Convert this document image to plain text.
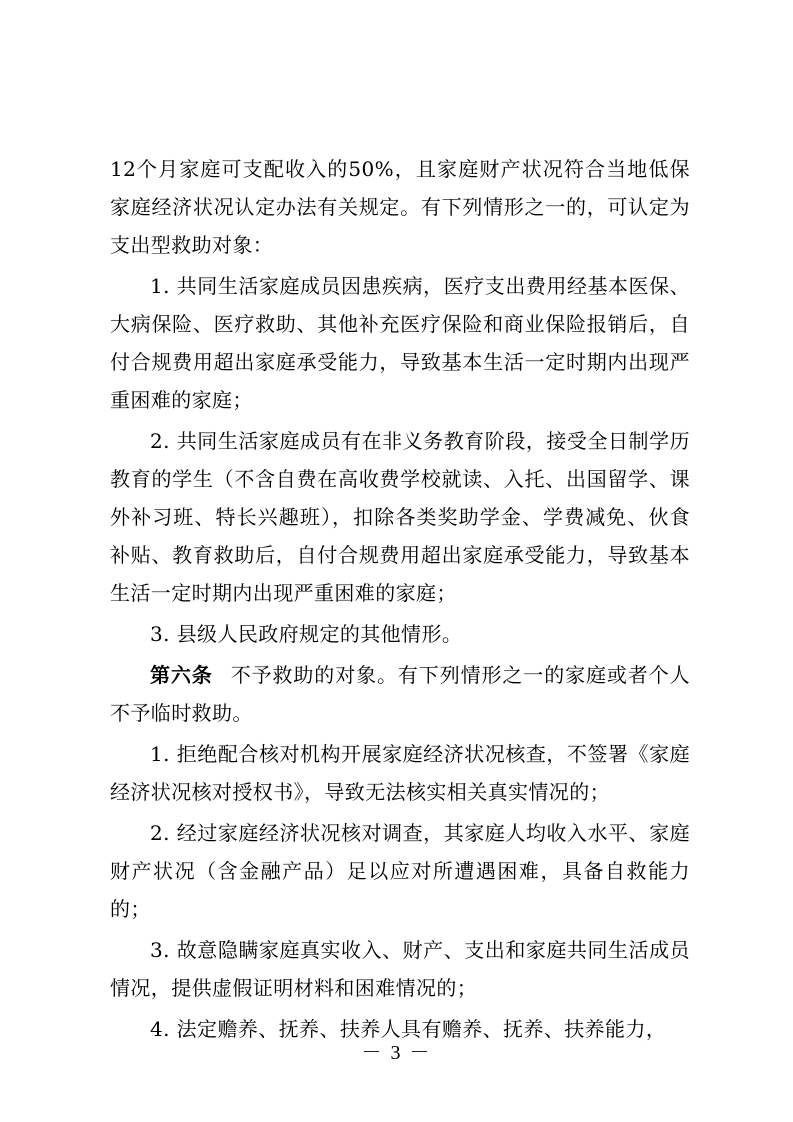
12个月家庭可支配收入的50%，且家庭财产状况符合当地低保家庭经济状况认定办法有关规定。有下列情形之一的，可认定为支出型救助对象：

1. 共同生活家庭成员因患疾病，医疗支出费用经基本医保、大病保险、医疗救助、其他补充医疗保险和商业保险报销后，自付合规费用超出家庭承受能力，导致基本生活一定时期内出现严重困难的家庭；

2. 共同生活家庭成员有在非义务教育阶段，接受全日制学历教育的学生（不含自费在高收费学校就读、入托、出国留学、课外补习班、特长兴趣班），扣除各类奖助学金、学费减免、伙食补贴、教育救助后，自付合规费用超出家庭承受能力，导致基本生活一定时期内出现严重困难的家庭；

3. 县级人民政府规定的其他情形。

第六条 不予救助的对象。有下列情形之一的家庭或者个人不予临时救助。

1. 拒绝配合核对机构开展家庭经济状况核查，不签署《家庭经济状况核对授权书》，导致无法核实相关真实情况的；

2. 经过家庭经济状况核对调查，其家庭人均收入水平、家庭财产状况（含金融产品）足以应对所遭遇困难，具备自救能力的；

3. 故意隐瞒家庭真实收入、财产、支出和家庭共同生活成员情况，提供虚假证明材料和困难情况的；

4. 法定赡养、抚养、扶养人具有赡养、抚养、扶养能力，

－ 3 －
